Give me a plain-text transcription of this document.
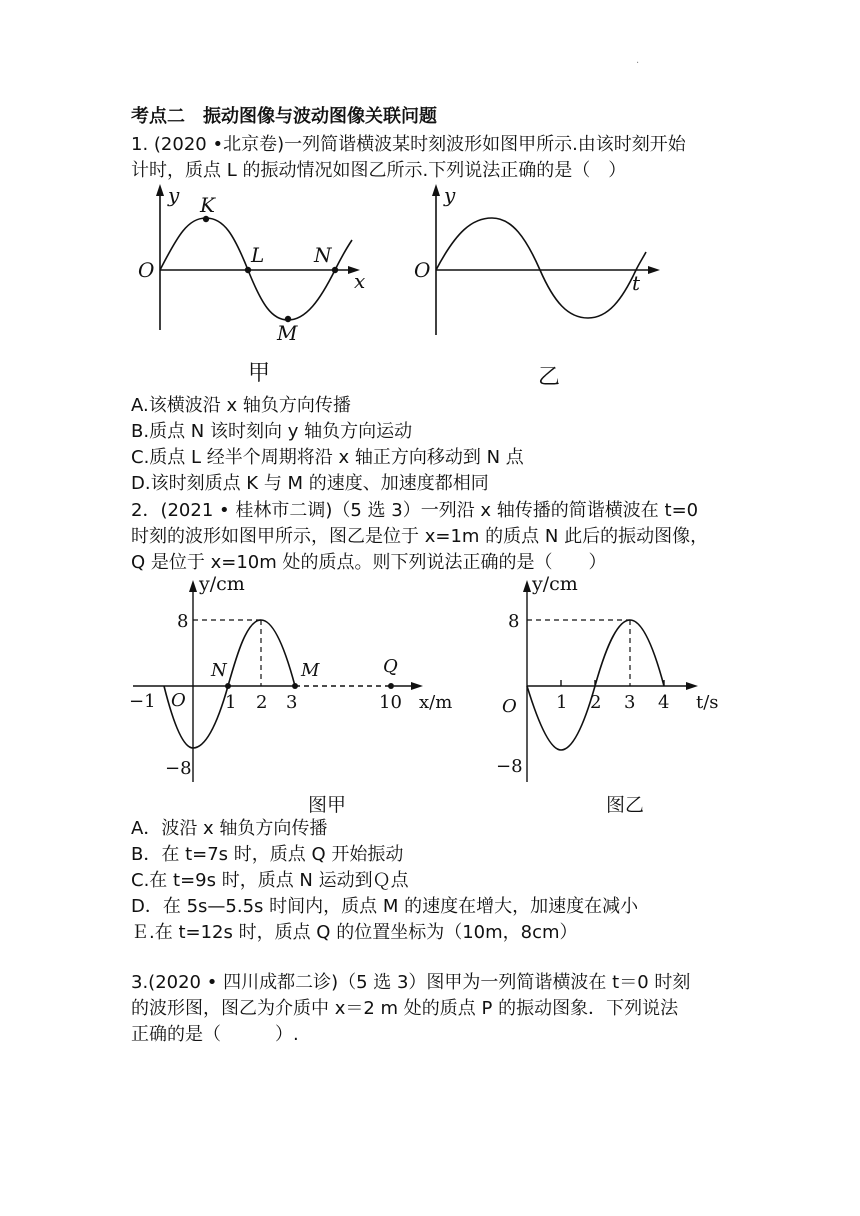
·
考点二　振动图像与波动图像关联问题
1. (2020 •北京卷)一列简谐横波某时刻波形如图甲所示.由该时刻开始
计时，质点 L 的振动情况如图乙所示.下列说法正确的是（　）
y
O
K
L N
M
x
甲
y
O
t
乙
A.该横波沿 x 轴负方向传播
B.质点 N 该时刻向 y 轴负方向运动
C.质点 L 经半个周期将沿 x 轴正方向移动到 N 点
D.该时刻质点 K 与 M 的速度、加速度都相同
2．(2021 • 桂林市二调)（5 选 3）一列沿 x 轴传播的简谐横波在 t=0
时刻的波形如图甲所示，图乙是位于 x=1m 的质点 N 此后的振动图像，
Q 是位于 x=10m 处的质点。则下列说法正确的是（　　）
y/cm
8
−8
−1 O 1 2 3	10
N	M	Q
x/m
图甲
y/cm
8
−8
O 1 2 3 4 t/s
图乙
A．波沿 x 轴负方向传播
B．在 t=7s 时，质点 Q 开始振动
C.在 t=9s 时，质点 N 运动到Ｑ点
D．在 5s—5.5s 时间内，质点 M 的速度在增大，加速度在减小
Ｅ.在 t=12s 时，质点 Q 的位置坐标为（10m，8cm）
3.(2020 • 四川成都二诊)（5 选 3）图甲为一列简谐横波在 t＝0 时刻
的波形图，图乙为介质中 x＝2 m 处的质点 P 的振动图象．下列说法
正确的是（　　　）.
